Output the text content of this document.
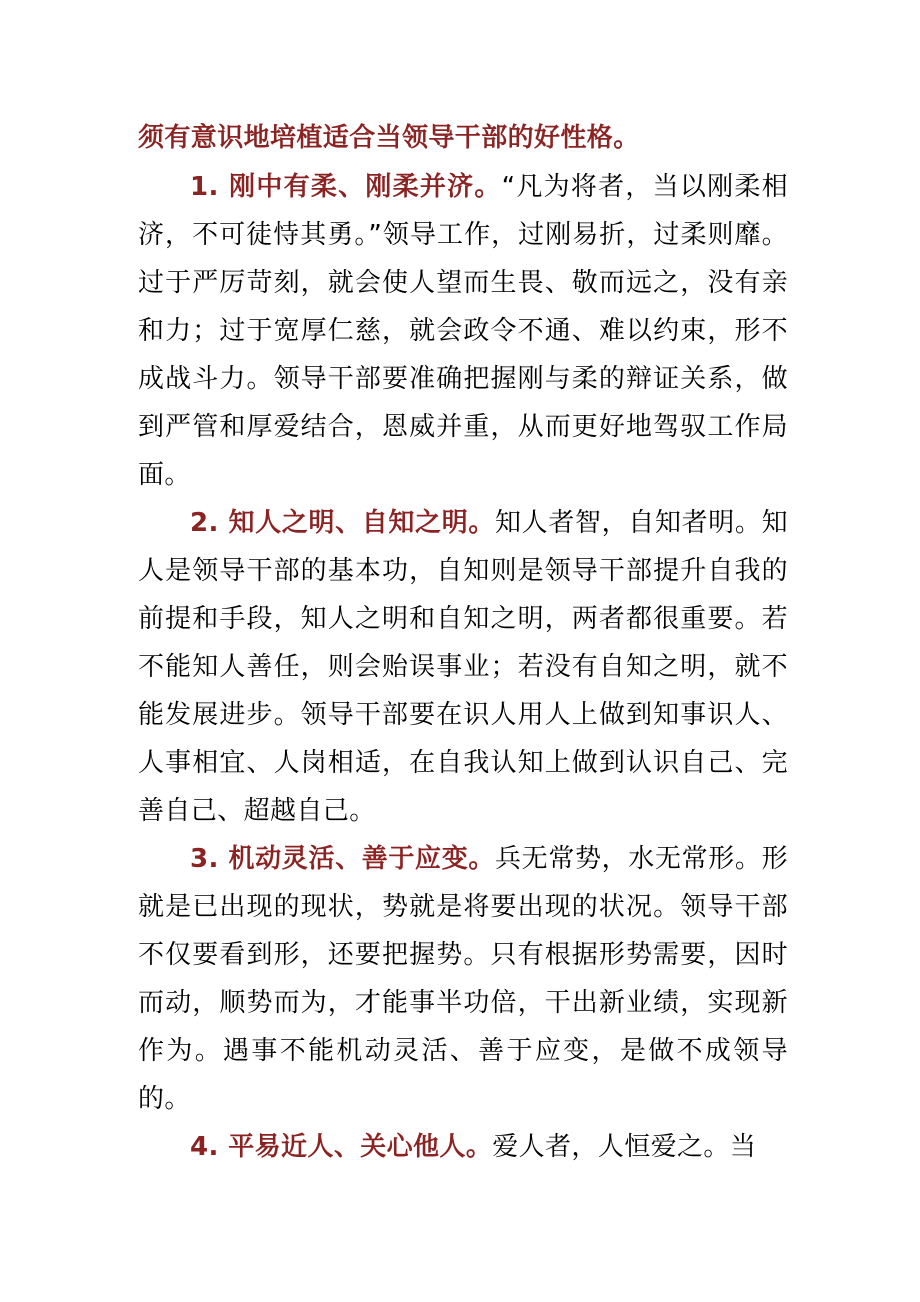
须有意识地培植适合当领导干部的好性格。

1. 刚中有柔、刚柔并济。“凡为将者，当以刚柔相济，不可徒恃其勇。”领导工作，过刚易折，过柔则靡。过于严厉苛刻，就会使人望而生畏、敬而远之，没有亲和力；过于宽厚仁慈，就会政令不通、难以约束，形不成战斗力。领导干部要准确把握刚与柔的辩证关系，做到严管和厚爱结合，恩威并重，从而更好地驾驭工作局面。

2. 知人之明、自知之明。知人者智，自知者明。知人是领导干部的基本功，自知则是领导干部提升自我的前提和手段，知人之明和自知之明，两者都很重要。若不能知人善任，则会贻误事业；若没有自知之明，就不能发展进步。领导干部要在识人用人上做到知事识人、人事相宜、人岗相适，在自我认知上做到认识自己、完善自己、超越自己。

3. 机动灵活、善于应变。兵无常势，水无常形。形就是已出现的现状，势就是将要出现的状况。领导干部不仅要看到形，还要把握势。只有根据形势需要，因时而动，顺势而为，才能事半功倍，干出新业绩，实现新作为。遇事不能机动灵活、善于应变，是做不成领导的。

4. 平易近人、关心他人。爱人者，人恒爱之。当
